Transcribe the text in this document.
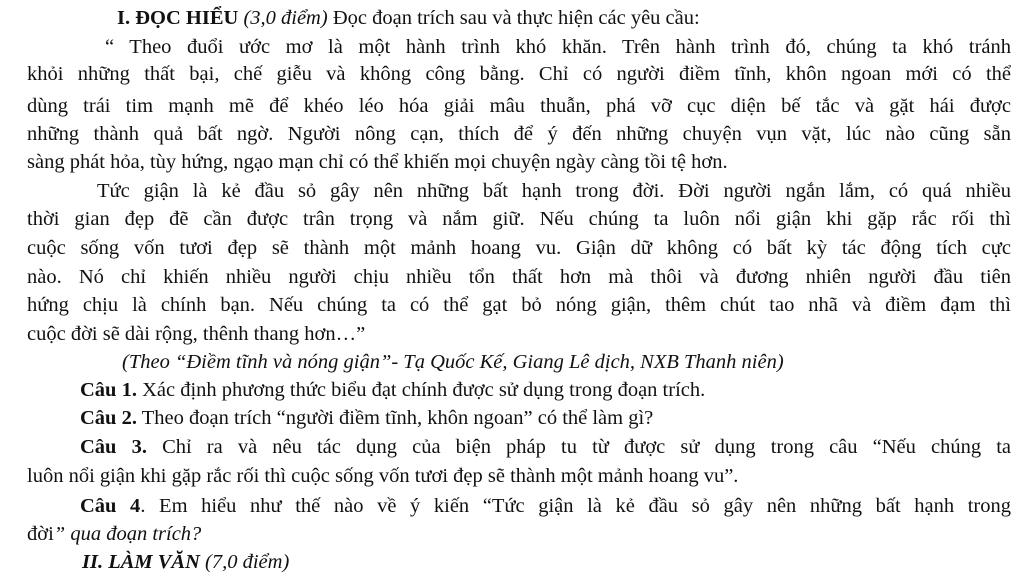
I. ĐỌC HIỂU (3,0 điểm) Đọc đoạn trích sau và thực hiện các yêu cầu:
“ Theo đuổi ước mơ là một hành trình khó khăn. Trên hành trình đó, chúng ta khó tránh
khỏi những thất bại, chế giễu và không công bằng. Chỉ có người điềm tĩnh, khôn ngoan mới có thể
dùng trái tim mạnh mẽ để khéo léo hóa giải mâu thuẫn, phá vỡ cục diện bế tắc và gặt hái được
những thành quả bất ngờ. Người nông cạn, thích để ý đến những chuyện vụn vặt, lúc nào cũng sẵn
sàng phát hỏa, tùy hứng, ngạo mạn chỉ có thể khiến mọi chuyện ngày càng tồi tệ hơn.
Tức giận là kẻ đầu sỏ gây nên những bất hạnh trong đời. Đời người ngắn lắm, có quá nhiều
thời gian đẹp đẽ cần được trân trọng và nắm giữ. Nếu chúng ta luôn nổi giận khi gặp rắc rối thì
cuộc sống vốn tươi đẹp sẽ thành một mảnh hoang vu. Giận dữ không có bất kỳ tác động tích cực
nào. Nó chỉ khiến nhiều người chịu nhiều tổn thất hơn mà thôi và đương nhiên người đầu tiên
hứng chịu là chính bạn. Nếu chúng ta có thể gạt bỏ nóng giận, thêm chút tao nhã và điềm đạm thì
cuộc đời sẽ dài rộng, thênh thang hơn…”
(Theo “Điềm tĩnh và nóng giận”- Tạ Quốc Kế, Giang Lê dịch, NXB Thanh niên)
Câu 1. Xác định phương thức biểu đạt chính được sử dụng trong đoạn trích.
Câu 2. Theo đoạn trích “người điềm tĩnh, khôn ngoan” có thể làm gì?
Câu 3. Chỉ ra và nêu tác dụng của biện pháp tu từ được sử dụng trong câu “Nếu chúng ta
luôn nổi giận khi gặp rắc rối thì cuộc sống vốn tươi đẹp sẽ thành một mảnh hoang vu”.
Câu 4. Em hiểu như thế nào về ý kiến “Tức giận là kẻ đầu sỏ gây nên những bất hạnh trong
đời” qua đoạn trích?
II. LÀM VĂN (7,0 điểm)
